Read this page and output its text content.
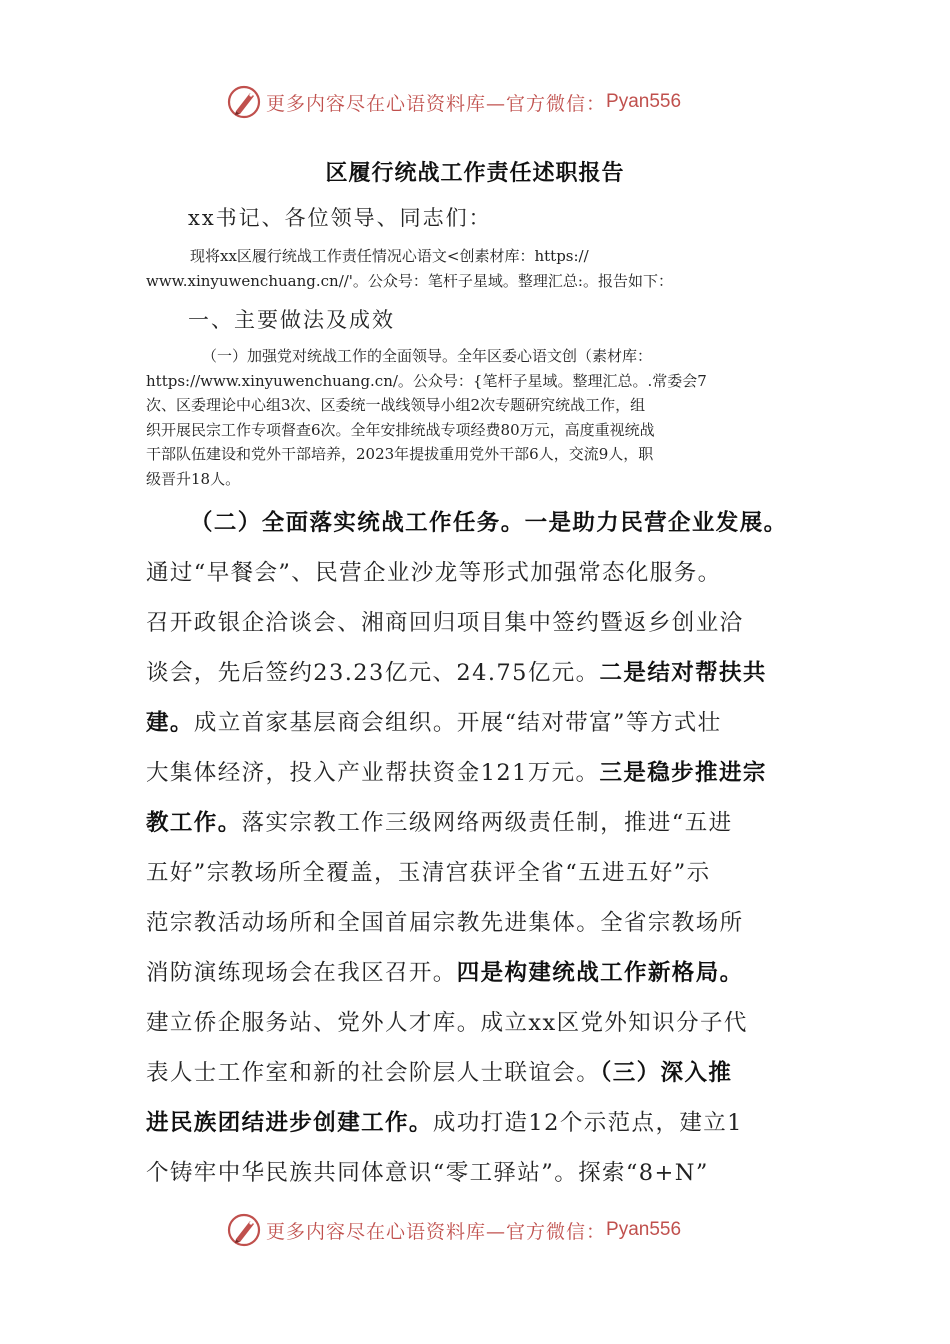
更多内容尽在心语资料库—官方微信： Pyan556
区履行统战工作责任述职报告
xx书记、各位领导、同志们：
现将xx区履行统战工作责任情况心语文<创素材库：https://
www.xinyuwenchuang.cn//'。公众号：笔杆子星域。整理汇总:。报告如下：
一、主要做法及成效
（一）加强党对统战工作的全面领导。全年区委心语文创（素材库：
https://www.xinyuwenchuang.cn/。公众号：{笔杆子星域。整理汇总。.常委会7
次、区委理论中心组3次、区委统一战线领导小组2次专题研究统战工作，组
织开展民宗工作专项督查6次。全年安排统战专项经费80万元，高度重视统战
干部队伍建设和党外干部培养，2023年提拔重用党外干部6人，交流9人，职
级晋升18人。
（二）全面落实统战工作任务。一是助力民营企业发展。
通过“早餐会”、民营企业沙龙等形式加强常态化服务。
召开政银企洽谈会、湘商回归项目集中签约暨返乡创业洽
谈会，先后签约23.23亿元、24.75亿元。二是结对帮扶共
建。成立首家基层商会组织。开展“结对带富”等方式壮
大集体经济，投入产业帮扶资金121万元。三是稳步推进宗
教工作。落实宗教工作三级网络两级责任制，推进“五进
五好”宗教场所全覆盖，玉清宫获评全省“五进五好”示
范宗教活动场所和全国首届宗教先进集体。全省宗教场所
消防演练现场会在我区召开。四是构建统战工作新格局。
建立侨企服务站、党外人才库。成立xx区党外知识分子代
表人士工作室和新的社会阶层人士联谊会。（三）深入推
进民族团结进步创建工作。成功打造12个示范点，建立1
个铸牢中华民族共同体意识“零工驿站”。探索“8+N”
更多内容尽在心语资料库—官方微信： Pyan556
